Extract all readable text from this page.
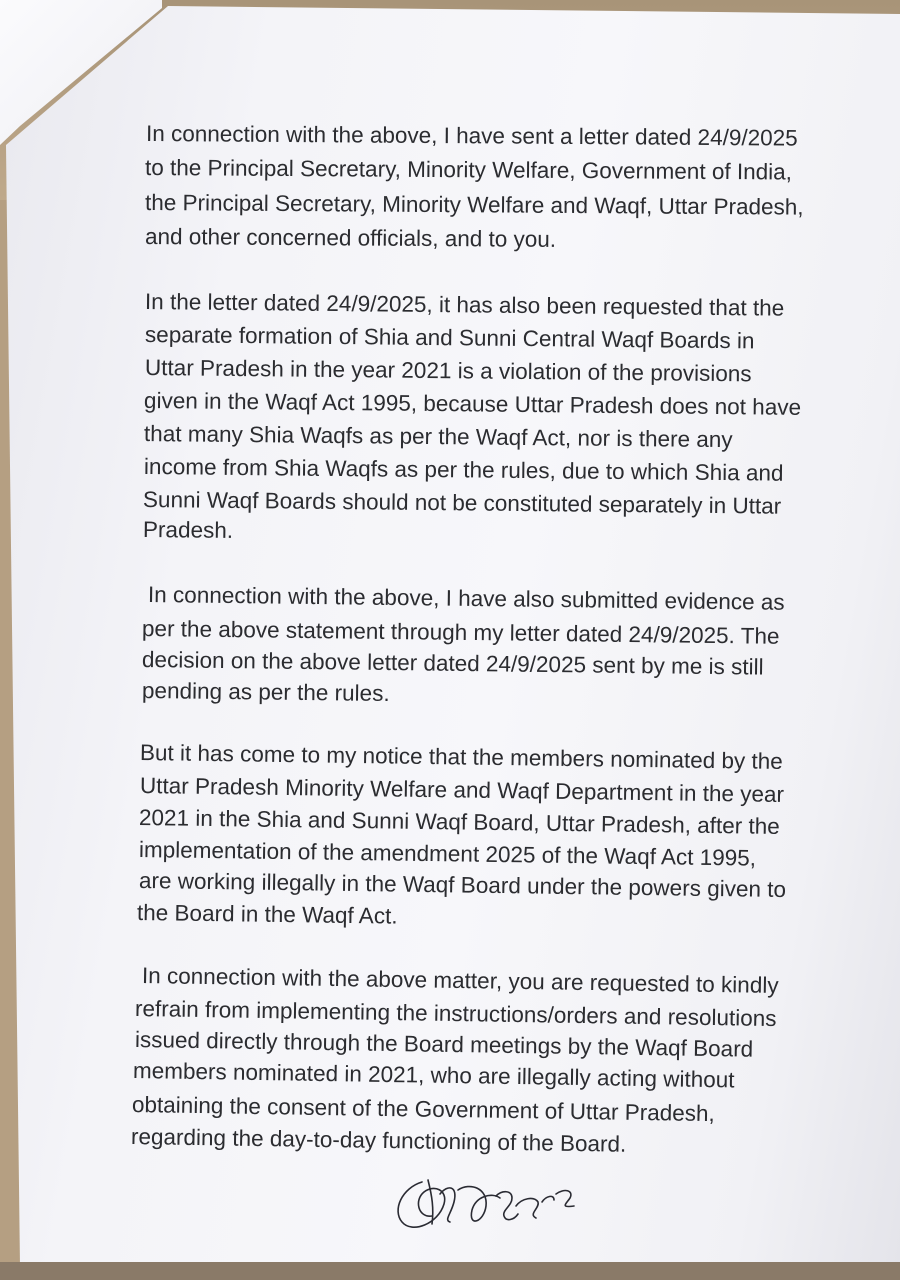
In connection with the above, I have sent a letter dated 24/9/2025
to the Principal Secretary, Minority Welfare, Government of India,
the Principal Secretary, Minority Welfare and Waqf, Uttar Pradesh,
and other concerned officials, and to you.
In the letter dated 24/9/2025, it has also been requested that the
separate formation of Shia and Sunni Central Waqf Boards in
Uttar Pradesh in the year 2021 is a violation of the provisions
given in the Waqf Act 1995, because Uttar Pradesh does not have
that many Shia Waqfs as per the Waqf Act, nor is there any
income from Shia Waqfs as per the rules, due to which Shia and
Sunni Waqf Boards should not be constituted separately in Uttar
Pradesh.
In connection with the above, I have also submitted evidence as
per the above statement through my letter dated 24/9/2025. The
decision on the above letter dated 24/9/2025 sent by me is still
pending as per the rules.
But it has come to my notice that the members nominated by the
Uttar Pradesh Minority Welfare and Waqf Department in the year
2021 in the Shia and Sunni Waqf Board, Uttar Pradesh, after the
implementation of the amendment 2025 of the Waqf Act 1995,
are working illegally in the Waqf Board under the powers given to
the Board in the Waqf Act.
In connection with the above matter, you are requested to kindly
refrain from implementing the instructions/orders and resolutions
issued directly through the Board meetings by the Waqf Board
members nominated in 2021, who are illegally acting without
obtaining the consent of the Government of Uttar Pradesh,
regarding the day-to-day functioning of the Board.
